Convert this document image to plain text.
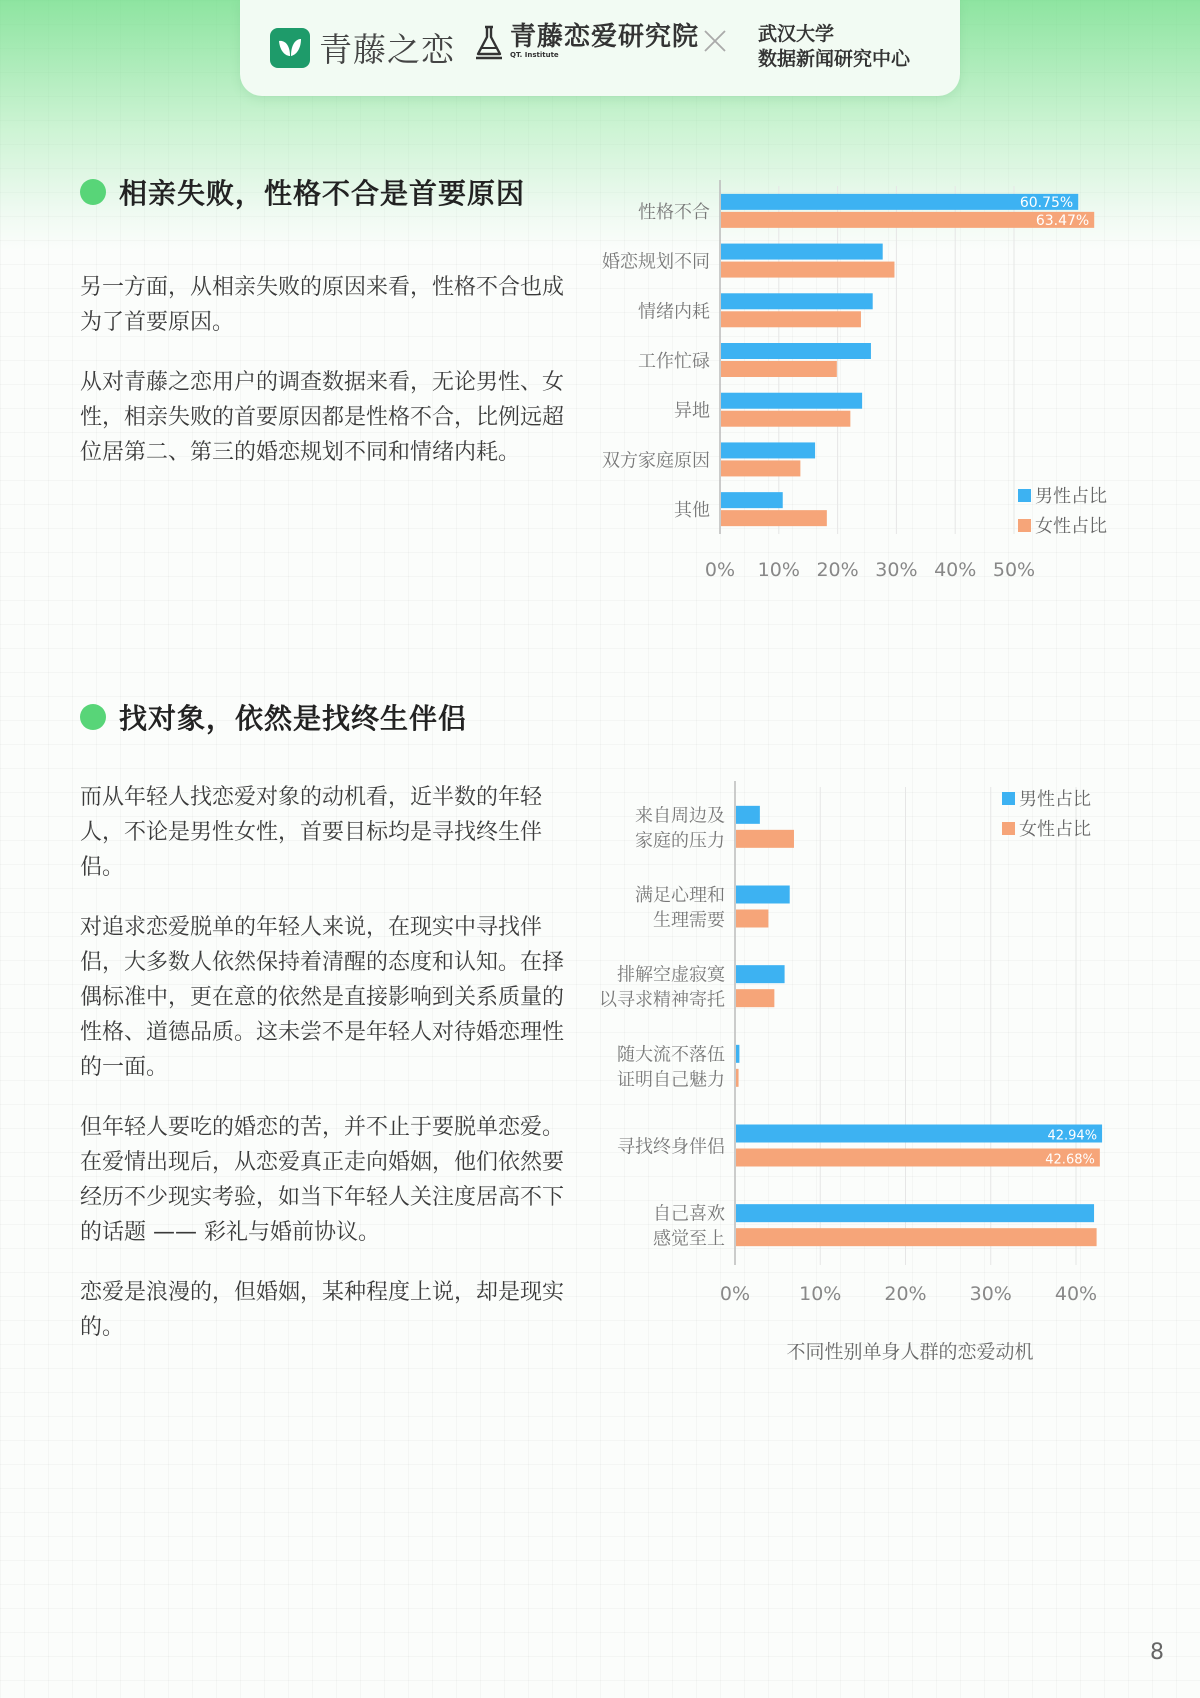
青藤之恋 青藤恋爱研究院
QT. Institute
武汉大学
数据新闻研究中心
相亲失败，性格不合是首要原因

另一方面，从相亲失败的原因来看，性格不合也成为了首要原因。

从对青藤之恋用户的调查数据来看，无论男性、女性，相亲失败的首要原因都是性格不合，比例远超位居第二、第三的婚恋规划不同和情绪内耗。

0% 10% 20% 30% 40% 50%
性格不合	60.75%
63.47%
婚恋规划不同
情绪内耗
工作忙碌
异地
双方家庭原因
其他
男性占比
女性占比
找对象，依然是找终生伴侣

而从年轻人找恋爱对象的动机看，近半数的年轻人，不论是男性女性，首要目标均是寻找终生伴侣。

对追求恋爱脱单的年轻人来说，在现实中寻找伴侣，大多数人依然保持着清醒的态度和认知。在择偶标准中，更在意的依然是直接影响到关系质量的性格、道德品质。这未尝不是年轻人对待婚恋理性的一面。

但年轻人要吃的婚恋的苦，并不止于要脱单恋爱。在爱情出现后，从恋爱真正走向婚姻，他们依然要经历不少现实考验，如当下年轻人关注度居高不下的话题 —— 彩礼与婚前协议。

恋爱是浪漫的，但婚姻，某种程度上说，却是现实的。

0%	10% 20% 30% 40%
来自周边及
家庭的压力
满足心理和
生理需要
排解空虚寂寞
以寻求精神寄托
随大流不落伍
证明自己魅力
寻找终身伴侣
42.94%
42.68%
自己喜欢
感觉至上
男性占比
女性占比
不同性别单身人群的恋爱动机
8
